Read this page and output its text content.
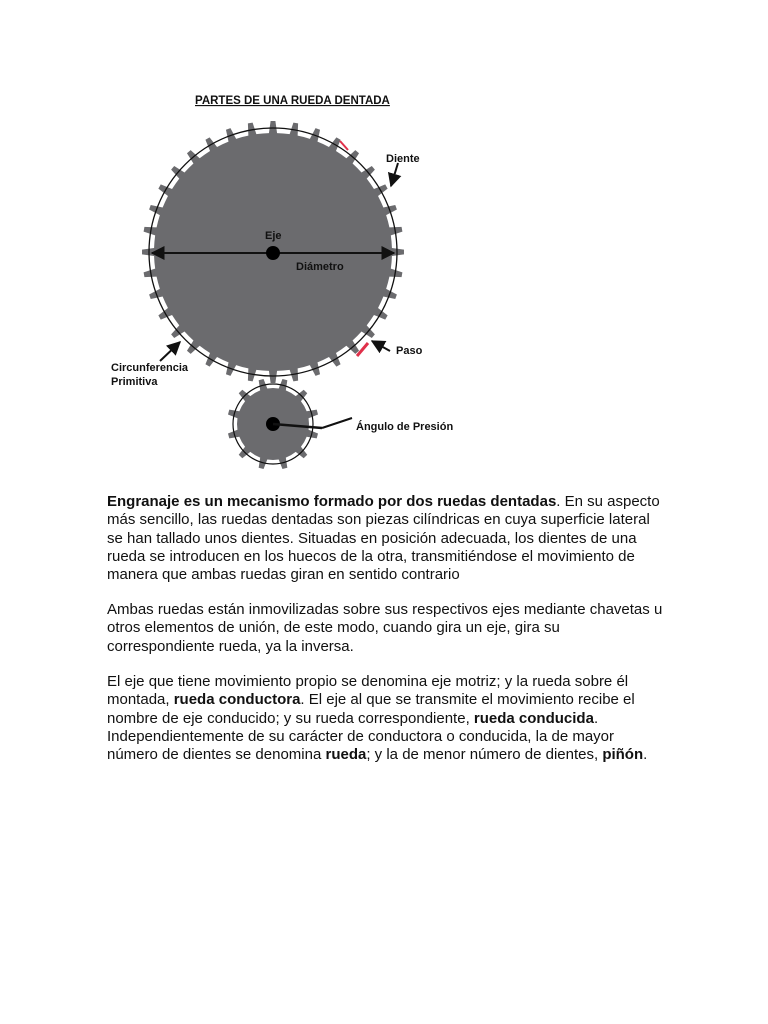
PARTES DE UNA RUEDA DENTADA
Diente
Eje
Diámetro
Paso
Circunferencia
Primitiva
Ángulo de Presión

Engranaje es un mecanismo formado por dos ruedas dentadas. En su aspecto más sencillo, las ruedas dentadas son piezas cilíndricas en cuya superficie lateral se han tallado unos dientes. Situadas en posición adecuada, los dientes de una rueda se introducen en los huecos de la otra, transmitiéndose el movimiento de manera que ambas ruedas giran en sentido contrario

Ambas ruedas están inmovilizadas sobre sus respectivos ejes mediante chavetas u otros elementos de unión, de este modo, cuando gira un eje, gira su correspondiente rueda, ya la inversa.

El eje que tiene movimiento propio se denomina eje motriz; y la rueda sobre él montada, rueda conductora. El eje al que se transmite el movimiento recibe el nombre de eje conducido; y su rueda correspondiente, rueda conducida. Independientemente de su carácter de conductora o conducida, la de mayor número de dientes se denomina rueda; y la de menor número de dientes, piñón.
